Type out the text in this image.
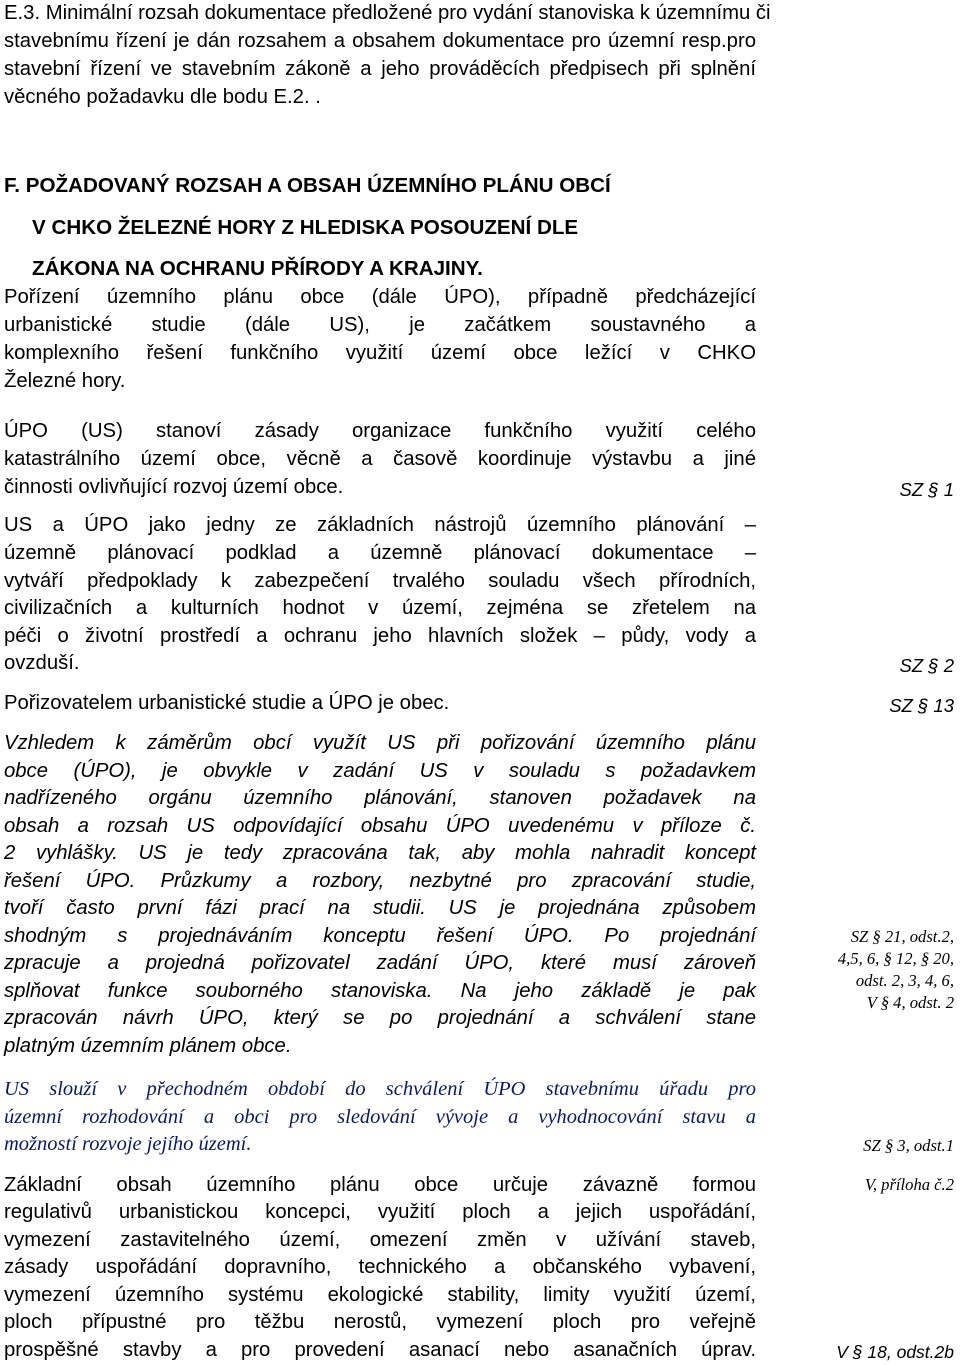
E.3. Minimální rozsah dokumentace předložené pro vydání stanoviska k územnímu či
stavebnímu řízení je dán rozsahem a obsahem dokumentace pro územní resp.pro
stavební řízení ve stavebním zákoně a jeho prováděcích předpisech při splnění
věcného požadavku dle bodu E.2. .
F. POŽADOVANÝ ROZSAH A OBSAH ÚZEMNÍHO PLÁNU OBCÍ
V CHKO ŽELEZNÉ HORY Z HLEDISKA POSOUZENÍ DLE
ZÁKONA NA OCHRANU PŘÍRODY A KRAJINY.
Pořízení územního plánu obce (dále ÚPO), případně předcházející
urbanistické studie (dále US), je začátkem soustavného a
komplexního řešení funkčního využití území obce ležící v CHKO
Železné hory.
ÚPO (US) stanoví zásady organizace funkčního využití celého
katastrálního území obce, věcně a časově koordinuje výstavbu a jiné
činnosti ovlivňující rozvoj území obce.	SZ § 1
US a ÚPO jako jedny ze základních nástrojů územního plánování –
územně plánovací podklad a územně plánovací dokumentace –
vytváří předpoklady k zabezpečení trvalého souladu všech přírodních,
civilizačních a kulturních hodnot v území, zejména se zřetelem na
péči o životní prostředí a ochranu jeho hlavních složek – půdy, vody a
ovzduší.	SZ § 2
Pořizovatelem urbanistické studie a ÚPO je obec.	SZ § 13
Vzhledem k záměrům obcí využít US při pořizování územního plánu
obce (ÚPO), je obvykle v zadání US v souladu s požadavkem
nadřízeného orgánu územního plánování, stanoven požadavek na
obsah a rozsah US odpovídající obsahu ÚPO uvedenému v příloze č.
2 vyhlášky. US je tedy zpracována tak, aby mohla nahradit koncept
řešení ÚPO. Průzkumy a rozbory, nezbytné pro zpracování studie,
tvoří často první fázi prací na studii. US je projednána způsobem
shodným s projednáváním konceptu řešení ÚPO. Po projednání
zpracuje a projedná pořizovatel zadání ÚPO, které musí zároveň
splňovat funkce souborného stanoviska. Na jeho základě je pak
zpracován návrh ÚPO, který se po projednání a schválení stane
platným územním plánem obce.
SZ § 21, odst.2,
4,5, 6, § 12, § 20,
odst. 2, 3, 4, 6,
V § 4, odst. 2
US slouží v přechodném období do schválení ÚPO stavebnímu úřadu pro
územní rozhodování a obci pro sledování vývoje a vyhodnocování stavu a
možností rozvoje jejího území.	SZ § 3, odst.1
Základní obsah územního plánu obce určuje závazně formou
regulativů urbanistickou koncepci, využití ploch a jejich uspořádání,
vymezení zastavitelného území, omezení změn v užívání staveb,
zásady uspořádání dopravního, technického a občanského vybavení,
vymezení územního systému ekologické stability, limity využití území,
ploch přípustné pro těžbu nerostů, vymezení ploch pro veřejně
prospěšné stavby a pro provedení asanací nebo asanačních úprav.
V, příloha č.2
V § 18, odst.2b
